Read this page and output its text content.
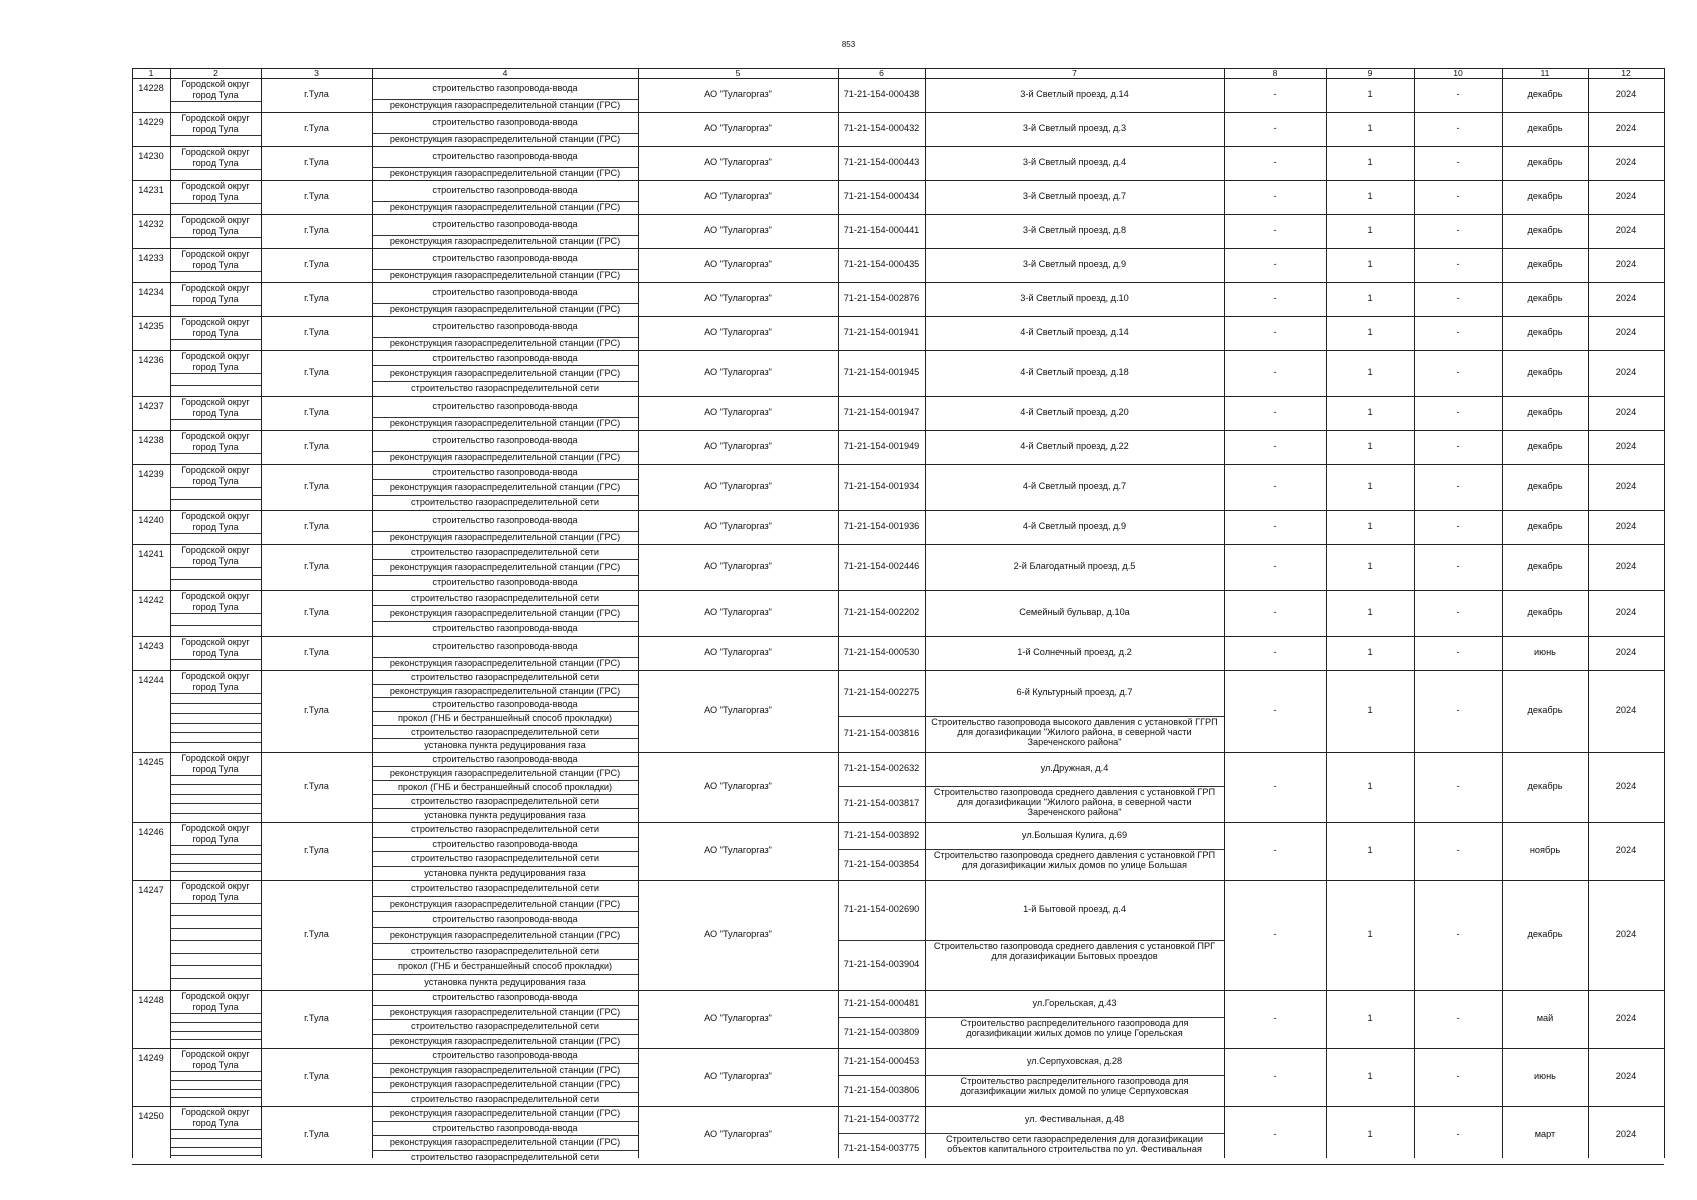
853
1	2	3	4	5	6	7	8	9	10	11	12
14228	Городской округ город Тула	г.Тула
строительство газопровода-ввода
реконструкция газораспределительной станции (ГРС)
АО "Тулагоргаз"	71-21-154-000438	3-й Светлый проезд, д.14	-	1	-	декабрь	2024
14229	Городской округ город Тула	г.Тула
строительство газопровода-ввода
реконструкция газораспределительной станции (ГРС)
АО "Тулагоргаз"	71-21-154-000432	3-й Светлый проезд, д.3	-	1	-	декабрь	2024
14230	Городской округ город Тула	г.Тула
строительство газопровода-ввода
реконструкция газораспределительной станции (ГРС)
АО "Тулагоргаз"	71-21-154-000443	3-й Светлый проезд, д.4	-	1	-	декабрь	2024
14231	Городской округ город Тула	г.Тула
строительство газопровода-ввода
реконструкция газораспределительной станции (ГРС)
АО "Тулагоргаз"	71-21-154-000434	3-й Светлый проезд, д.7	-	1	-	декабрь	2024
14232	Городской округ город Тула	г.Тула
строительство газопровода-ввода
реконструкция газораспределительной станции (ГРС)
АО "Тулагоргаз"	71-21-154-000441	3-й Светлый проезд, д.8	-	1	-	декабрь	2024
14233	Городской округ город Тула	г.Тула
строительство газопровода-ввода
реконструкция газораспределительной станции (ГРС)
АО "Тулагоргаз"	71-21-154-000435	3-й Светлый проезд, д.9	-	1	-	декабрь	2024
14234	Городской округ город Тула	г.Тула
строительство газопровода-ввода
реконструкция газораспределительной станции (ГРС)
АО "Тулагоргаз"	71-21-154-002876	3-й Светлый проезд, д.10	-	1	-	декабрь	2024
14235	Городской округ город Тула	г.Тула
строительство газопровода-ввода
реконструкция газораспределительной станции (ГРС)
АО "Тулагоргаз"	71-21-154-001941	4-й Светлый проезд, д.14	-	1	-	декабрь	2024
14236	Городской округ город Тула
г.Тула
строительство газопровода-ввода
реконструкция газораспределительной станции (ГРС)
строительство газораспределительной сети
АО "Тулагоргаз"	71-21-154-001945	4-й Светлый проезд, д.18	-	1	-	декабрь	2024
14237	Городской округ город Тула	г.Тула
строительство газопровода-ввода
реконструкция газораспределительной станции (ГРС)
АО "Тулагоргаз"	71-21-154-001947	4-й Светлый проезд, д.20	-	1	-	декабрь	2024
14238	Городской округ город Тула	г.Тула
строительство газопровода-ввода
реконструкция газораспределительной станции (ГРС)
АО "Тулагоргаз"	71-21-154-001949	4-й Светлый проезд, д.22	-	1	-	декабрь	2024
14239	Городской округ город Тула
г.Тула
строительство газопровода-ввода
реконструкция газораспределительной станции (ГРС)
строительство газораспределительной сети
АО "Тулагоргаз"	71-21-154-001934	4-й Светлый проезд, д.7	-	1	-	декабрь	2024
14240	Городской округ город Тула	г.Тула
строительство газопровода-ввода
реконструкция газораспределительной станции (ГРС)
АО "Тулагоргаз"	71-21-154-001936	4-й Светлый проезд, д.9	-	1	-	декабрь	2024
14241	Городской округ город Тула
г.Тула
строительство газораспределительной сети
реконструкция газораспределительной станции (ГРС)
строительство газопровода-ввода
АО "Тулагоргаз"	71-21-154-002446	2-й Благодатный проезд, д.5	-	1	-	декабрь	2024
14242	Городской округ город Тула
г.Тула
строительство газораспределительной сети
реконструкция газораспределительной станции (ГРС)
строительство газопровода-ввода
АО "Тулагоргаз"	71-21-154-002202	Семейный бульвар, д.10а	-	1	-	декабрь	2024
14243	Городской округ город Тула	г.Тула
строительство газопровода-ввода
реконструкция газораспределительной станции (ГРС)
АО "Тулагоргаз"	71-21-154-000530	1-й Солнечный проезд, д.2	-	1	-	июнь	2024
14244	Городской округ город Тула
г.Тула
строительство газораспределительной сети
реконструкция газораспределительной станции (ГРС)
строительство газопровода-ввода
прокол (ГНБ и бестраншейный способ прокладки)
строительство газораспределительной сети
установка пункта редуцирования газа
АО "Тулагоргаз"
71-21-154-002275	6-й Культурный проезд, д.7
71-21-154-003816
Строительство газопровода высокого давления с установкой ГГРП для догазификации "Жилого района, в северной части Зареченского района"
-	1	-	декабрь	2024
14245	Городской округ город Тула
г.Тула
строительство газопровода-ввода
реконструкция газораспределительной станции (ГРС)
прокол (ГНБ и бестраншейный способ прокладки)
строительство газораспределительной сети
установка пункта редуцирования газа
АО "Тулагоргаз"
71-21-154-002632	ул.Дружная, д.4
71-21-154-003817
Строительство газопровода среднего давления с установкой ГРП для догазификации "Жилого района, в северной части Зареченского района"
-	1	-	декабрь	2024
14246	Городской округ город Тула
г.Тула
строительство газораспределительной сети
строительство газопровода-ввода
строительство газораспределительной сети
установка пункта редуцирования газа
АО "Тулагоргаз"
71-21-154-003892	ул.Большая Кулига, д.69
71-21-154-003854
Строительство газопровода среднего давления с установкой ГРП для догазификации жилых домов по улице Большая
-	1	-	ноябрь	2024
14247	Городской округ город Тула
г.Тула
строительство газораспределительной сети
реконструкция газораспределительной станции (ГРС)
строительство газопровода-ввода
реконструкция газораспределительной станции (ГРС)
строительство газораспределительной сети
прокол (ГНБ и бестраншейный способ прокладки)
установка пункта редуцирования газа
АО "Тулагоргаз"
71-21-154-002690	1-й Бытовой проезд, д.4
71-21-154-003904
Строительство газопровода среднего давления с установкой ПРГ для догазификации Бытовых проездов
-	1	-	декабрь	2024
14248	Городской округ город Тула
г.Тула
строительство газопровода-ввода
реконструкция газораспределительной станции (ГРС)
строительство газораспределительной сети
реконструкция газораспределительной станции (ГРС)
АО "Тулагоргаз"
71-21-154-000481	ул.Горельская, д.43
71-21-154-003809
Строительство распределительного газопровода для догазификации жилых домов по улице Горельская
-	1	-	май	2024
14249	Городской округ город Тула
г.Тула
строительство газопровода-ввода
реконструкция газораспределительной станции (ГРС)
реконструкция газораспределительной станции (ГРС)
строительство газораспределительной сети
АО "Тулагоргаз"
71-21-154-000453	ул.Серпуховская, д.28
71-21-154-003806
Строительство распределительного газопровода для догазификации жилых домой по улице Серпуховская
-	1	-	июнь	2024
14250	Городской округ город Тула
г.Тула
реконструкция газораспределительной станции (ГРС)
строительство газопровода-ввода
реконструкция газораспределительной станции (ГРС)
строительство газораспределительной сети
АО "Тулагоргаз"
71-21-154-003772	ул. Фестивальная, д.48
71-21-154-003775
Строительство сети газораспределения для догазификации объектов капитального строительства по ул. Фестивальная
-	1	-	март	2024
